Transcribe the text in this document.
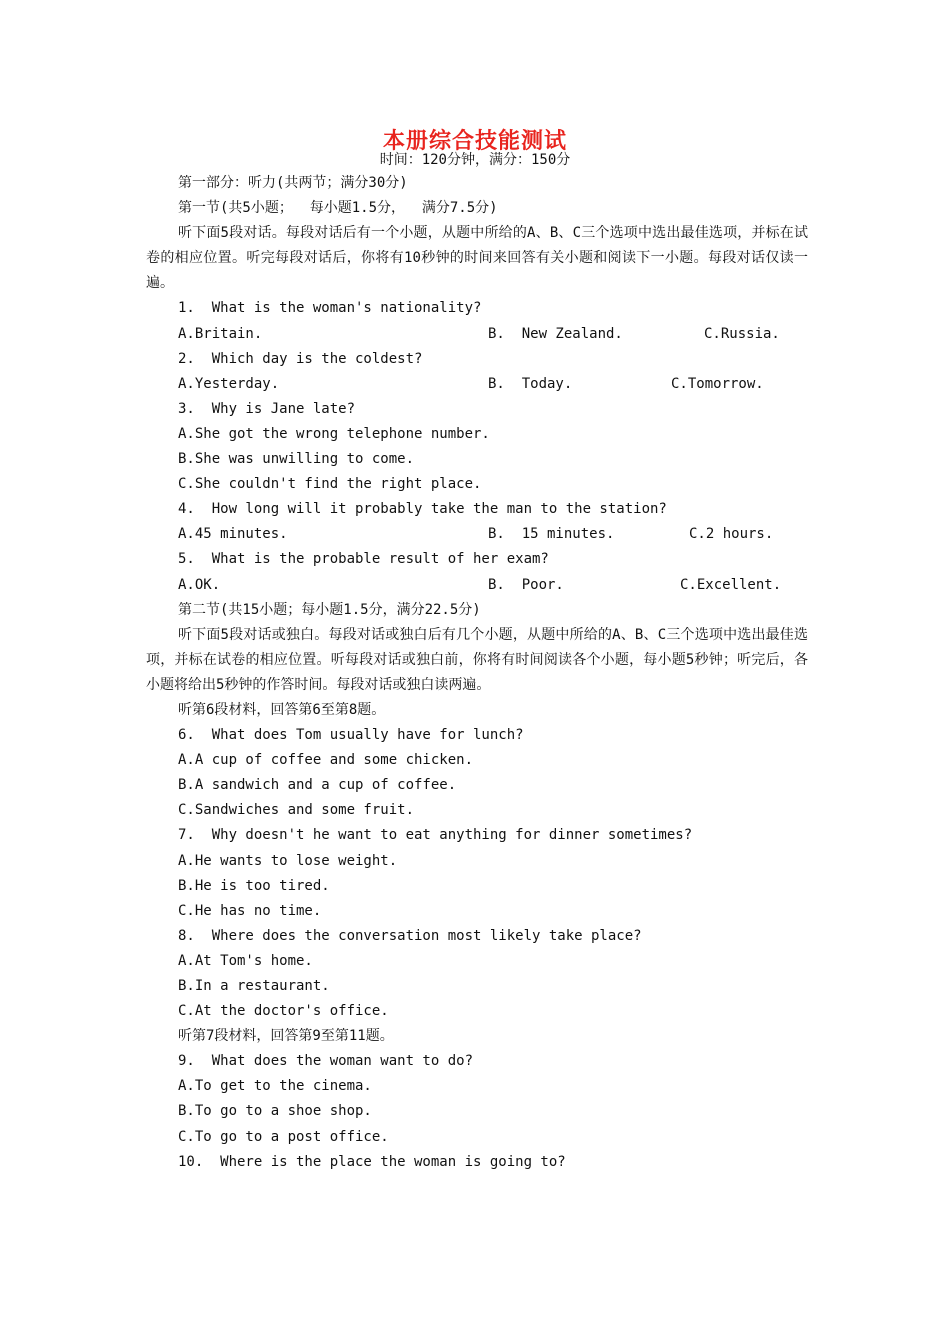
本册综合技能测试
时间：120分钟，满分：150分
第一部分：听力(共两节；满分30分)
第一节(共5小题；  每小题1.5分，  满分7.5分)
听下面5段对话。每段对话后有一个小题，从题中所给的A、B、C三个选项中选出最佳选项，并标在试卷的相应位置。听完每段对话后，你将有10秒钟的时间来回答有关小题和阅读下一小题。每段对话仅读一遍。
1.  What is the woman's nationality?

A.Britain.

	B.  New Zealand.

	C.Russia.

2.  Which day is the coldest?

A.Yesterday.

	B.  Today.

	C.Tomorrow.

3.  Why is Jane late?
A.She got the wrong telephone number.
B.She was unwilling to come.
C.She couldn't find the right place.
4.  How long will it probably take the man to the station?

A.45 minutes.

	B.  15 minutes.

	C.2 hours.

5.  What is the probable result of her exam?

A.OK.

	B.  Poor.

	C.Excellent.

第二节(共15小题；每小题1.5分，满分22.5分)
听下面5段对话或独白。每段对话或独白后有几个小题，从题中所给的A、B、C三个选项中选出最佳选项，并标在试卷的相应位置。听每段对话或独白前，你将有时间阅读各个小题，每小题5秒钟；听完后，各小题将给出5秒钟的作答时间。每段对话或独白读两遍。
听第6段材料，回答第6至第8题。
6.  What does Tom usually have for lunch?
A.A cup of coffee and some chicken.
B.A sandwich and a cup of coffee.
C.Sandwiches and some fruit.
7.  Why doesn't he want to eat anything for dinner sometimes?
A.He wants to lose weight.
B.He is too tired.
C.He has no time.
8.  Where does the conversation most likely take place?
A.At Tom's home.
B.In a restaurant.
C.At the doctor's office.
听第7段材料，回答第9至第11题。
9.  What does the woman want to do?
A.To get to the cinema.
B.To go to a shoe shop.
C.To go to a post office.
10.  Where is the place the woman is going to?
